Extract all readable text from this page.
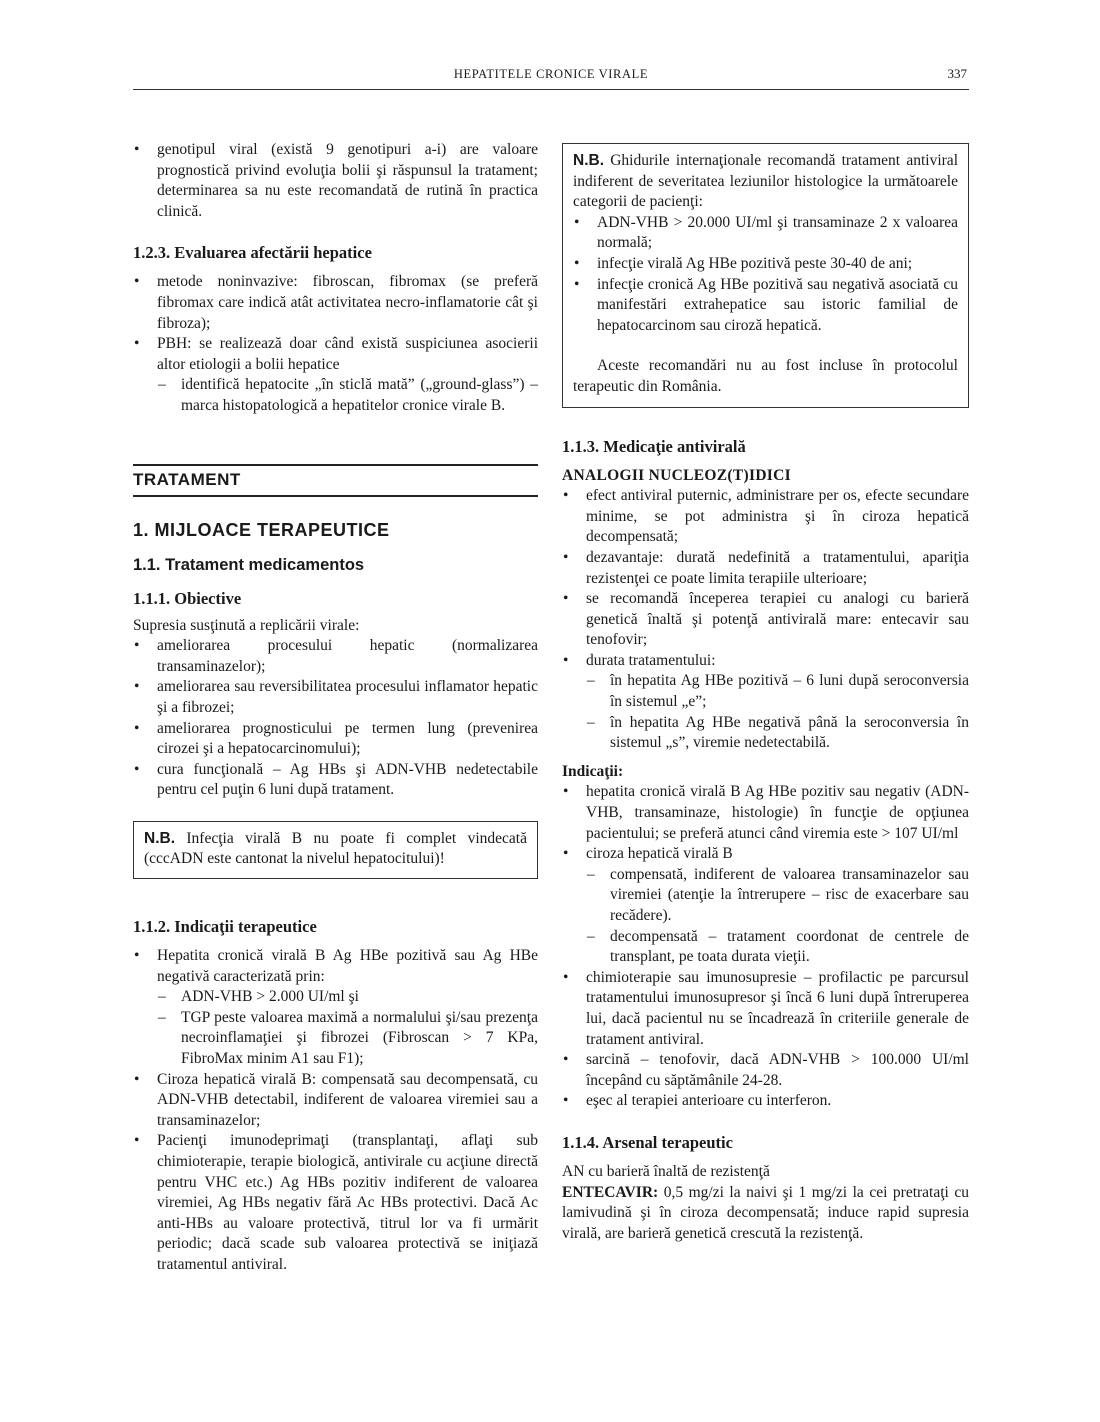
HEPATITELE CRONICE VIRALE	337
• genotipul viral (există 9 genotipuri a-i) are valoare prognostică privind evoluţia bolii şi răspunsul la tratament; determinarea sa nu este recomandată de rutină în practica clinică.
1.2.3. Evaluarea afectării hepatice
• metode noninvazive: fibroscan, fibromax (se preferă fibromax care indică atât activitatea necro-inflamatorie cât şi fibroza);
• PBH: se realizează doar când există suspiciunea asocierii altor etiologii a bolii hepatice
– identifică hepatocite „în sticlă mată” („ground-glass”) – marca histopatologică a hepatitelor cronice virale B.
TRATAMENT
1. MIJLOACE TERAPEUTICE
1.1. Tratament medicamentos
1.1.1. Obiective

Supresia susţinută a replicării virale:

• ameliorarea procesului hepatic (normalizarea transaminazelor);
• ameliorarea sau reversibilitatea procesului inflamator hepatic şi a fibrozei;
• ameliorarea prognosticului pe termen lung (prevenirea cirozei şi a hepatocarcinomului);
• cura funcţională – Ag HBs şi ADN-VHB nedetectabile pentru cel puţin 6 luni după tratament.
N.B. Infecţia virală B nu poate fi complet vindecată (cccADN este cantonat la nivelul hepatocitului)!
1.1.2. Indicaţii terapeutice
• Hepatita cronică virală B Ag HBe pozitivă sau Ag HBe negativă caracterizată prin:
– ADN-VHB > 2.000 UI/ml şi
– TGP peste valoarea maximă a normalului şi/sau prezenţa necroinflamaţiei şi fibrozei (Fibroscan > 7 KPa, FibroMax minim A1 sau F1);
• Ciroza hepatică virală B: compensată sau decompensată, cu ADN-VHB detectabil, indiferent de valoarea viremiei sau a transaminazelor;
• Pacienţi imunodeprimaţi (transplantaţi, aflaţi sub chimioterapie, terapie biologică, antivirale cu acţiune directă pentru VHC etc.) Ag HBs pozitiv indiferent de valoarea viremiei, Ag HBs negativ fără Ac HBs protectivi. Dacă Ac anti-HBs au valoare protectivă, titrul lor va fi urmărit periodic; dacă scade sub valoarea protectivă se iniţiază tratamentul antiviral.

N.B. Ghidurile internaţionale recomandă tratament antiviral indiferent de severitatea leziunilor histologice la următoarele categorii de pacienţi:

• ADN-VHB > 20.000 UI/ml şi transaminaze 2 x valoarea normală;
• infecţie virală Ag HBe pozitivă peste 30-40 de ani;
• infecţie cronică Ag HBe pozitivă sau negativă asociată cu manifestări extrahepatice sau istoric familial de hepatocarcinom sau ciroză hepatică.

Aceste recomandări nu au fost incluse în protocolul terapeutic din România.

1.1.3. Medicaţie antivirală
ANALOGII NUCLEOZ(T)IDICI
• efect antiviral puternic, administrare per os, efecte secundare minime, se pot administra şi în ciroza hepatică decompensată;
• dezavantaje: durată nedefinită a tratamentului, apariţia rezistenţei ce poate limita terapiile ulterioare;
• se recomandă începerea terapiei cu analogi cu barieră genetică înaltă şi potenţă antivirală mare: entecavir sau tenofovir;
• durata tratamentului:
– în hepatita Ag HBe pozitivă – 6 luni după seroconversia în sistemul „e”;
– în hepatita Ag HBe negativă până la seroconversia în sistemul „s”, viremie nedetectabilă.
Indicaţii:
• hepatita cronică virală B Ag HBe pozitiv sau negativ (ADN-VHB, transaminaze, histologie) în funcţie de opţiunea pacientului; se preferă atunci când viremia este > 107 UI/ml
• ciroza hepatică virală B
– compensată, indiferent de valoarea transaminazelor sau viremiei (atenţie la întrerupere – risc de exacerbare sau recădere).
– decompensată – tratament coordonat de centrele de transplant, pe toata durata vieţii.
• chimioterapie sau imunosupresie – profilactic pe parcursul tratamentului imunosupresor şi încă 6 luni după întreruperea lui, dacă pacientul nu se încadrează în criteriile generale de tratament antiviral.
• sarcină – tenofovir, dacă ADN-VHB > 100.000 UI/ml începând cu săptămânile 24-28.
• eşec al terapiei anterioare cu interferon.
1.1.4. Arsenal terapeutic

AN cu barieră înaltă de rezistenţă

ENTECAVIR: 0,5 mg/zi la naivi şi 1 mg/zi la cei pretrataţi cu lamivudină şi în ciroza decompensată; induce rapid supresia virală, are barieră genetică crescută la rezistenţă.
